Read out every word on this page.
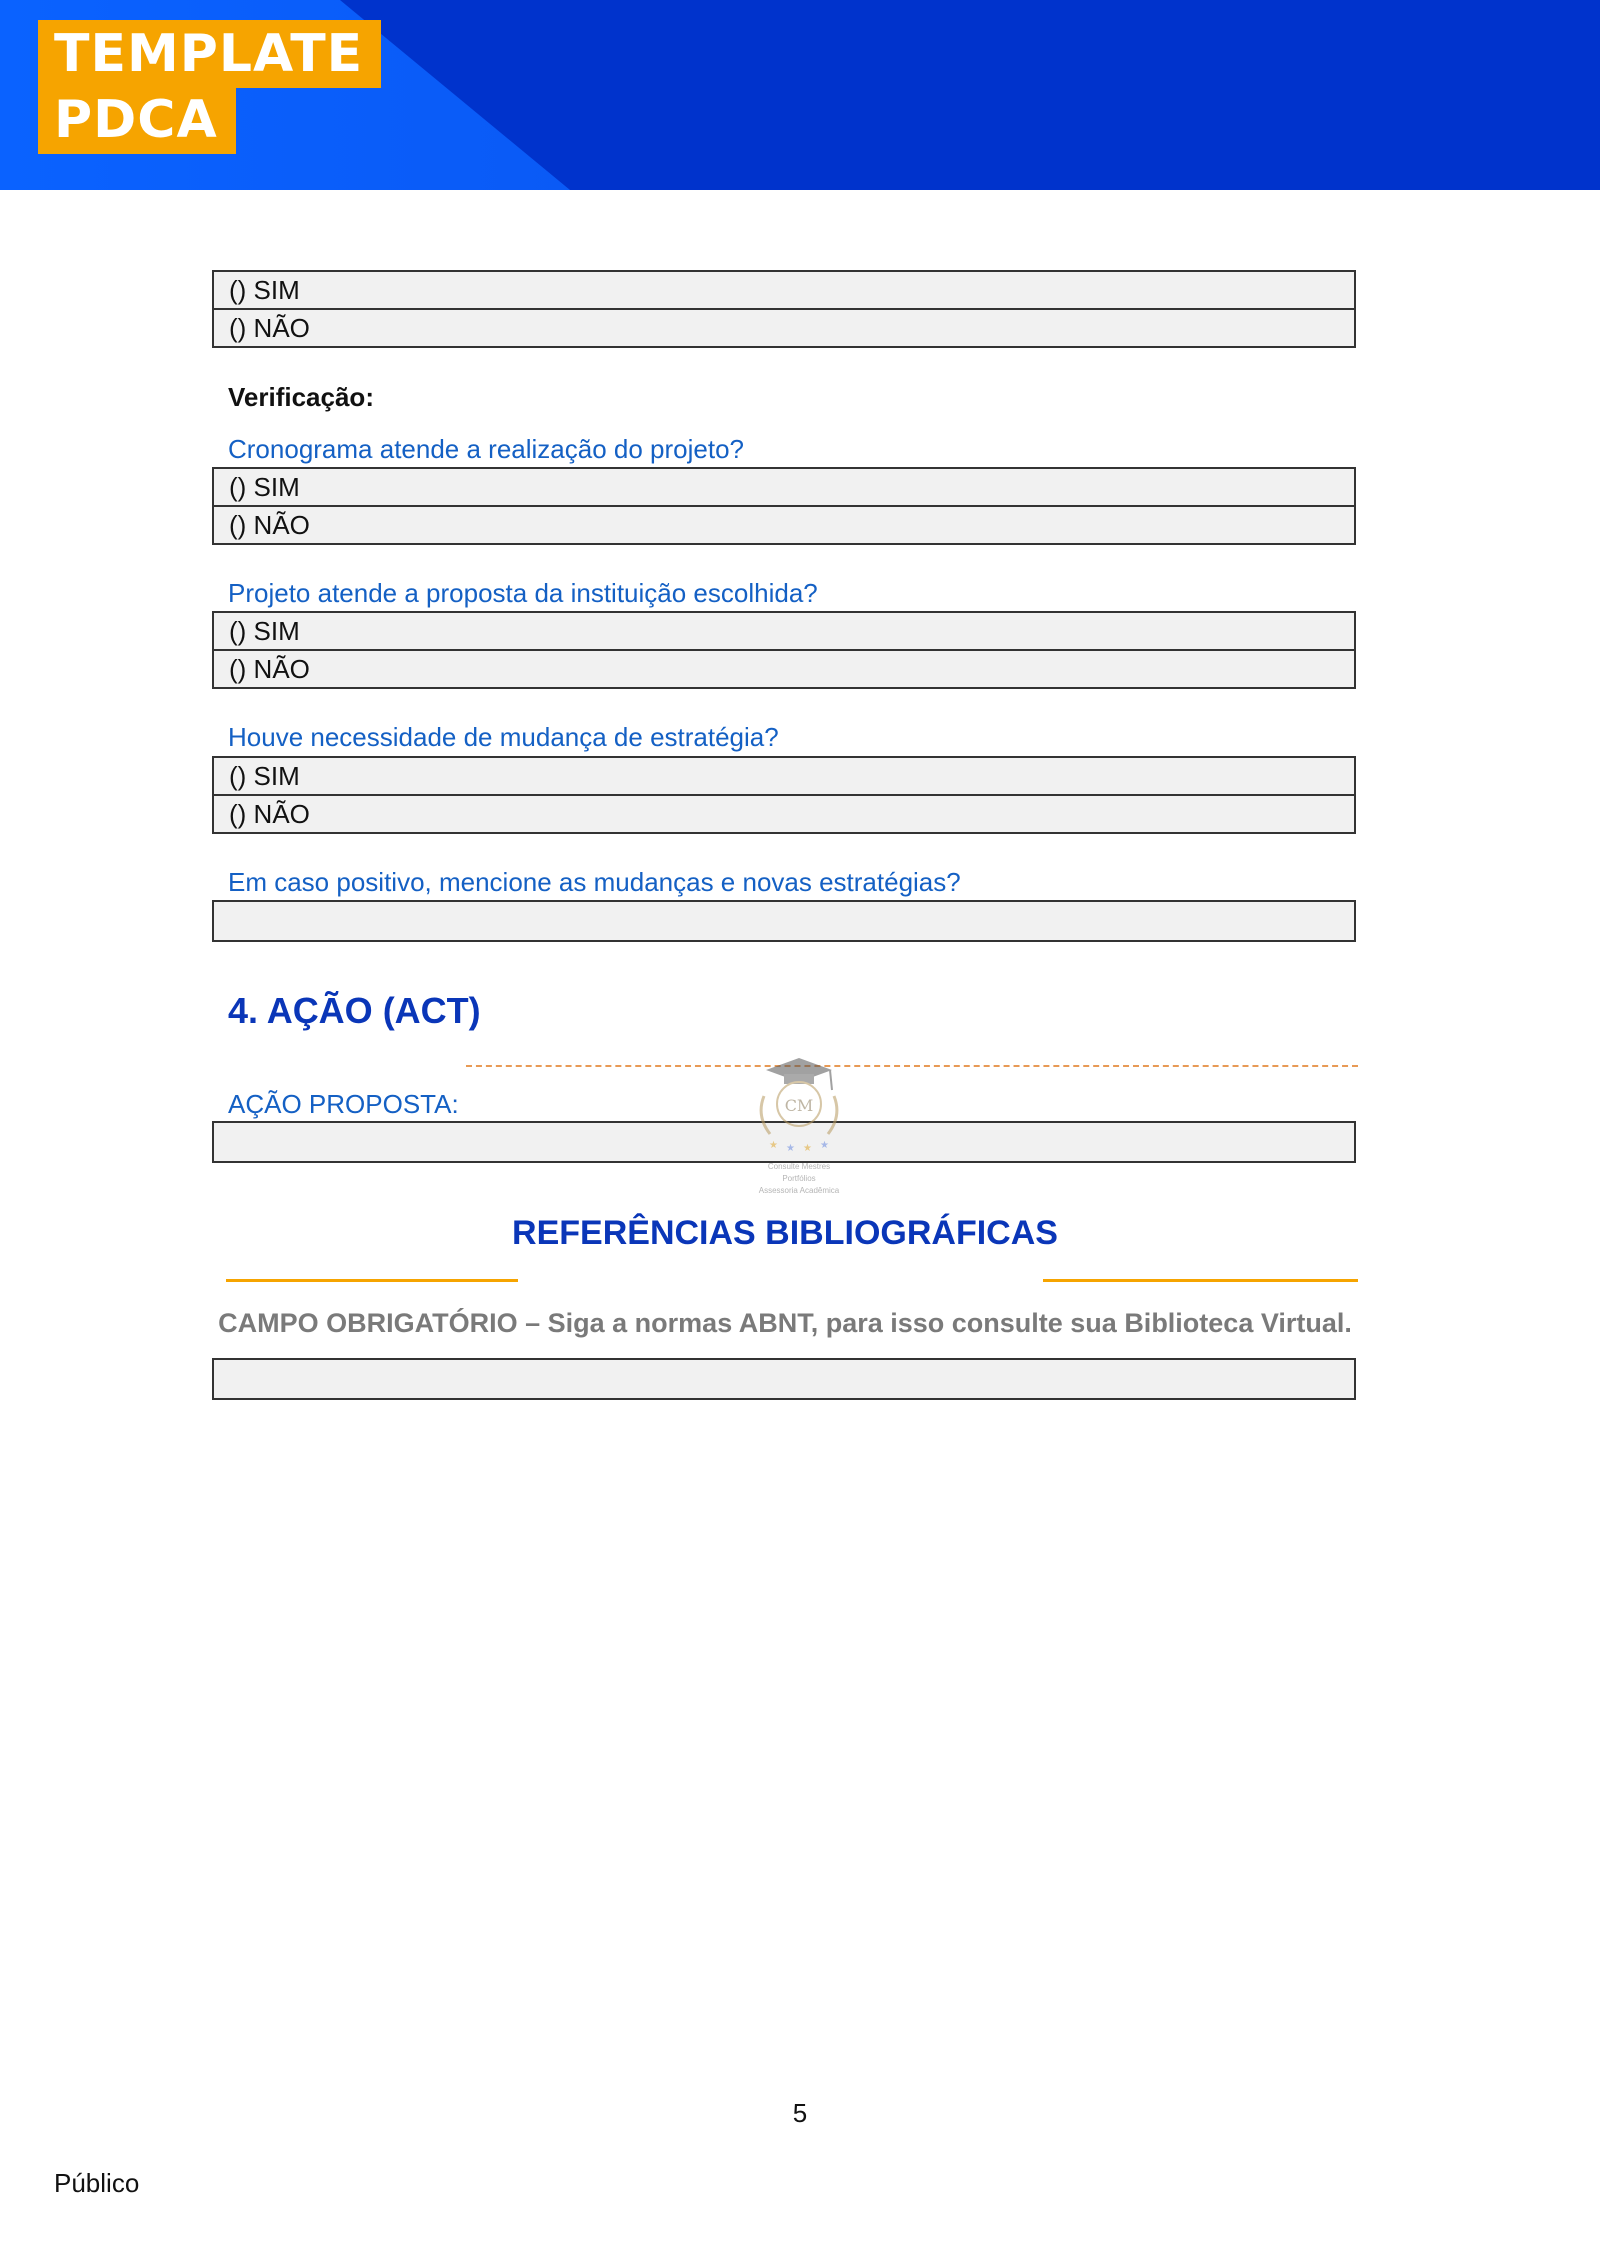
TEMPLATE
PDCA
() SIM
() NÃO
Verificação:
Cronograma atende a realização do projeto?
() SIM
() NÃO
Projeto atende a proposta da instituição escolhida?
() SIM
() NÃO
Houve necessidade de mudança de estratégia?
() SIM
() NÃO
Em caso positivo, mencione as mudanças e novas estratégias?
4. AÇÃO (ACT)
AÇÃO PROPOSTA:	CM
★ ★ ★ ★
Consulte Mestres
Portfólios
Assessoria Acadêmica
REFERÊNCIAS BIBLIOGRÁFICAS
CAMPO OBRIGATÓRIO – Siga a normas ABNT, para isso consulte sua Biblioteca Virtual.
5
Público
